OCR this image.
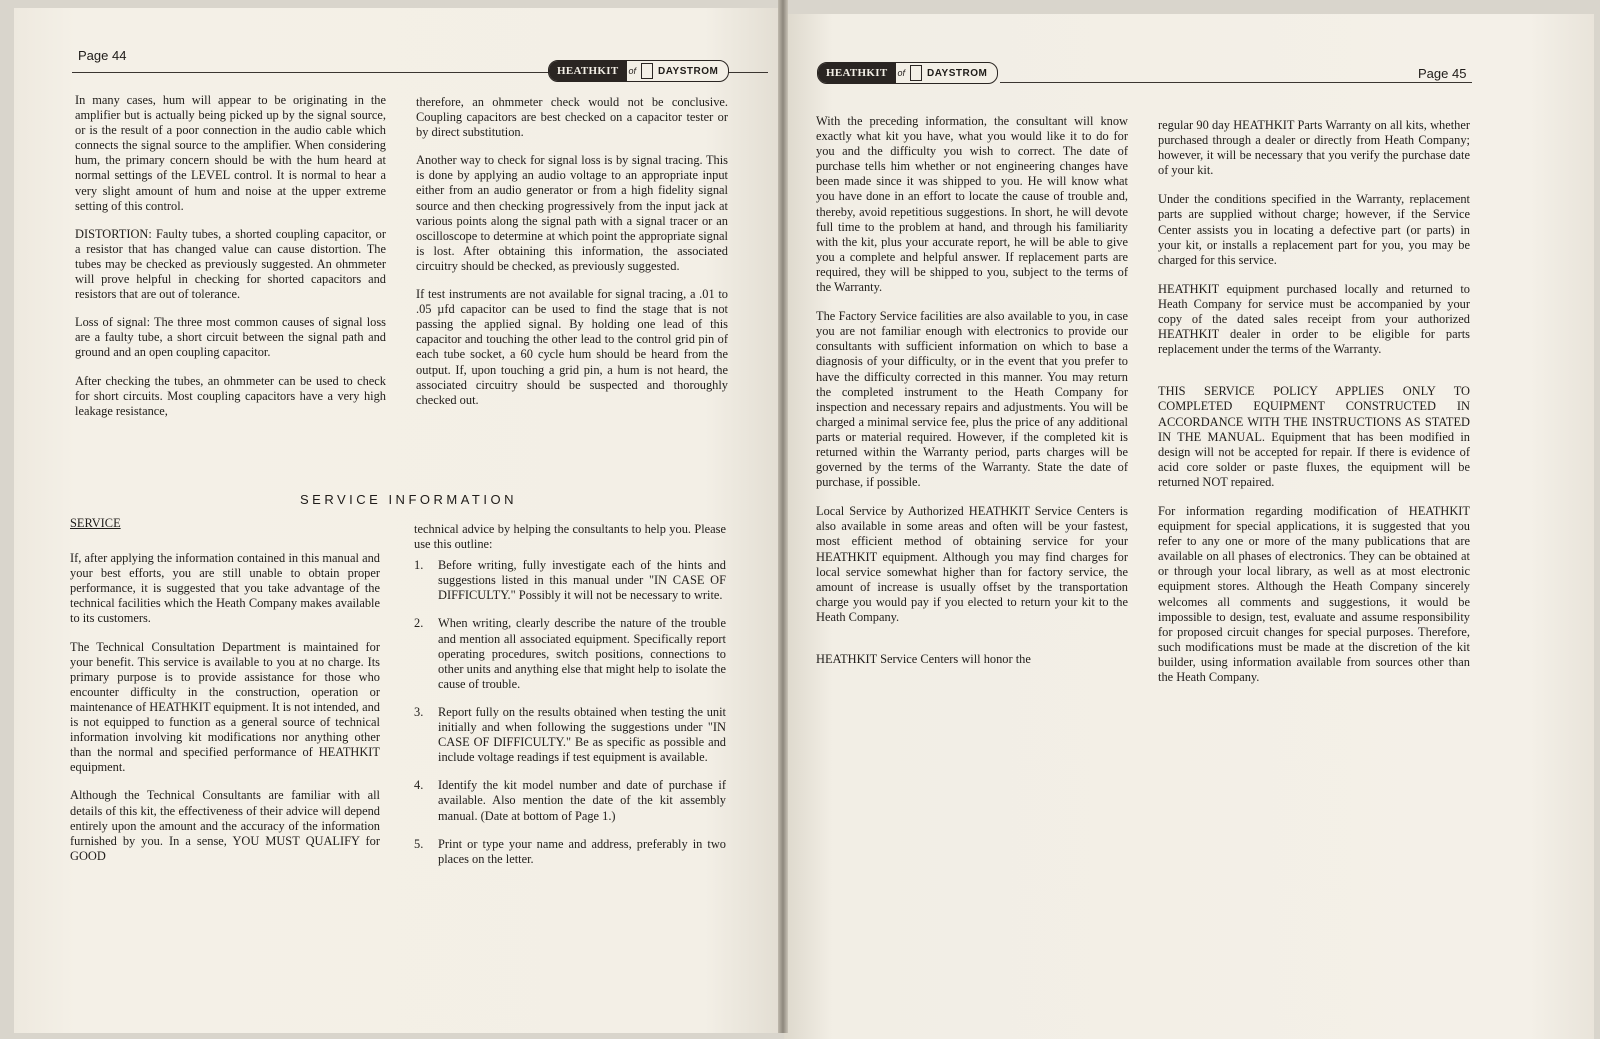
Page 44
HEATHKIT	of DAYSTROM

In many cases, hum will appear to be originating in the amplifier but is actually being picked up by the signal source, or is the result of a poor connection in the audio cable which connects the signal source to the amplifier. When considering hum, the primary concern should be with the hum heard at normal settings of the LEVEL control. It is normal to hear a very slight amount of hum and noise at the upper extreme setting of this control.

DISTORTION: Faulty tubes, a shorted coupling capacitor, or a resistor that has changed value can cause distortion. The tubes may be checked as previously suggested. An ohmmeter will prove helpful in checking for shorted capacitors and resistors that are out of tolerance.

Loss of signal: The three most common causes of signal loss are a faulty tube, a short circuit between the signal path and ground and an open coupling capacitor.

After checking the tubes, an ohmmeter can be used to check for short circuits. Most coupling capacitors have a very high leakage resistance,

therefore, an ohmmeter check would not be conclusive. Coupling capacitors are best checked on a capacitor tester or by direct substitution.

Another way to check for signal loss is by signal tracing. This is done by applying an audio voltage to an appropriate input either from an audio generator or from a high fidelity signal source and then checking progressively from the input jack at various points along the signal path with a signal tracer or an oscilloscope to determine at which point the appropriate signal is lost. After obtaining this information, the associated circuitry should be checked, as previously suggested.

If test instruments are not available for signal tracing, a .01 to .05 µfd capacitor can be used to find the stage that is not passing the applied signal. By holding one lead of this capacitor and touching the other lead to the control grid pin of each tube socket, a 60 cycle hum should be heard from the output. If, upon touching a grid pin, a hum is not heard, the associated circuitry should be suspected and thoroughly checked out.

SERVICE INFORMATION

SERVICE

If, after applying the information contained in this manual and your best efforts, you are still unable to obtain proper performance, it is suggested that you take advantage of the technical facilities which the Heath Company makes available to its customers.

The Technical Consultation Department is maintained for your benefit. This service is available to you at no charge. Its primary purpose is to provide assistance for those who encounter difficulty in the construction, operation or maintenance of HEATHKIT equipment. It is not intended, and is not equipped to function as a general source of technical information involving kit modifications nor anything other than the normal and specified performance of HEATHKIT equipment.

Although the Technical Consultants are familiar with all details of this kit, the effectiveness of their advice will depend entirely upon the amount and the accuracy of the information furnished by you. In a sense, YOU MUST QUALIFY for GOOD

technical advice by helping the consultants to help you. Please use this outline:

1. Before writing, fully investigate each of the hints and suggestions listed in this manual under "IN CASE OF DIFFICULTY." Possibly it will not be necessary to write.
2. When writing, clearly describe the nature of the trouble and mention all associated equipment. Specifically report operating procedures, switch positions, connections to other units and anything else that might help to isolate the cause of trouble.
3. Report fully on the results obtained when testing the unit initially and when following the suggestions under "IN CASE OF DIFFICULTY." Be as specific as possible and include voltage readings if test equipment is available.
4. Identify the kit model number and date of purchase if available. Also mention the date of the kit assembly manual. (Date at bottom of Page 1.)
5. Print or type your name and address, preferably in two places on the letter.
HEATHKIT	of DAYSTROM	Page 45

With the preceding information, the consultant will know exactly what kit you have, what you would like it to do for you and the difficulty you wish to correct. The date of purchase tells him whether or not engineering changes have been made since it was shipped to you. He will know what you have done in an effort to locate the cause of trouble and, thereby, avoid repetitious suggestions. In short, he will devote full time to the problem at hand, and through his familiarity with the kit, plus your accurate report, he will be able to give you a complete and helpful answer. If replacement parts are required, they will be shipped to you, subject to the terms of the Warranty.

The Factory Service facilities are also available to you, in case you are not familiar enough with electronics to provide our consultants with sufficient information on which to base a diagnosis of your difficulty, or in the event that you prefer to have the difficulty corrected in this manner. You may return the completed instrument to the Heath Company for inspection and necessary repairs and adjustments. You will be charged a minimal service fee, plus the price of any additional parts or material required. However, if the completed kit is returned within the Warranty period, parts charges will be governed by the terms of the Warranty. State the date of purchase, if possible.

Local Service by Authorized HEATHKIT Service Centers is also available in some areas and often will be your fastest, most efficient method of obtaining service for your HEATHKIT equipment. Although you may find charges for local service somewhat higher than for factory service, the amount of increase is usually offset by the transportation charge you would pay if you elected to return your kit to the Heath Company.

HEATHKIT Service Centers will honor the

regular 90 day HEATHKIT Parts Warranty on all kits, whether purchased through a dealer or directly from Heath Company; however, it will be necessary that you verify the purchase date of your kit.

Under the conditions specified in the Warranty, replacement parts are supplied without charge; however, if the Service Center assists you in locating a defective part (or parts) in your kit, or installs a replacement part for you, you may be charged for this service.

HEATHKIT equipment purchased locally and returned to Heath Company for service must be accompanied by your copy of the dated sales receipt from your authorized HEATHKIT dealer in order to be eligible for parts replacement under the terms of the Warranty.

THIS SERVICE POLICY APPLIES ONLY TO COMPLETED EQUIPMENT CONSTRUCTED IN ACCORDANCE WITH THE INSTRUCTIONS AS STATED IN THE MANUAL. Equipment that has been modified in design will not be accepted for repair. If there is evidence of acid core solder or paste fluxes, the equipment will be returned NOT repaired.

For information regarding modification of HEATHKIT equipment for special applications, it is suggested that you refer to any one or more of the many publications that are available on all phases of electronics. They can be obtained at or through your local library, as well as at most electronic equipment stores. Although the Heath Company sincerely welcomes all comments and suggestions, it would be impossible to design, test, evaluate and assume responsibility for proposed circuit changes for special purposes. Therefore, such modifications must be made at the discretion of the kit builder, using information available from sources other than the Heath Company.
